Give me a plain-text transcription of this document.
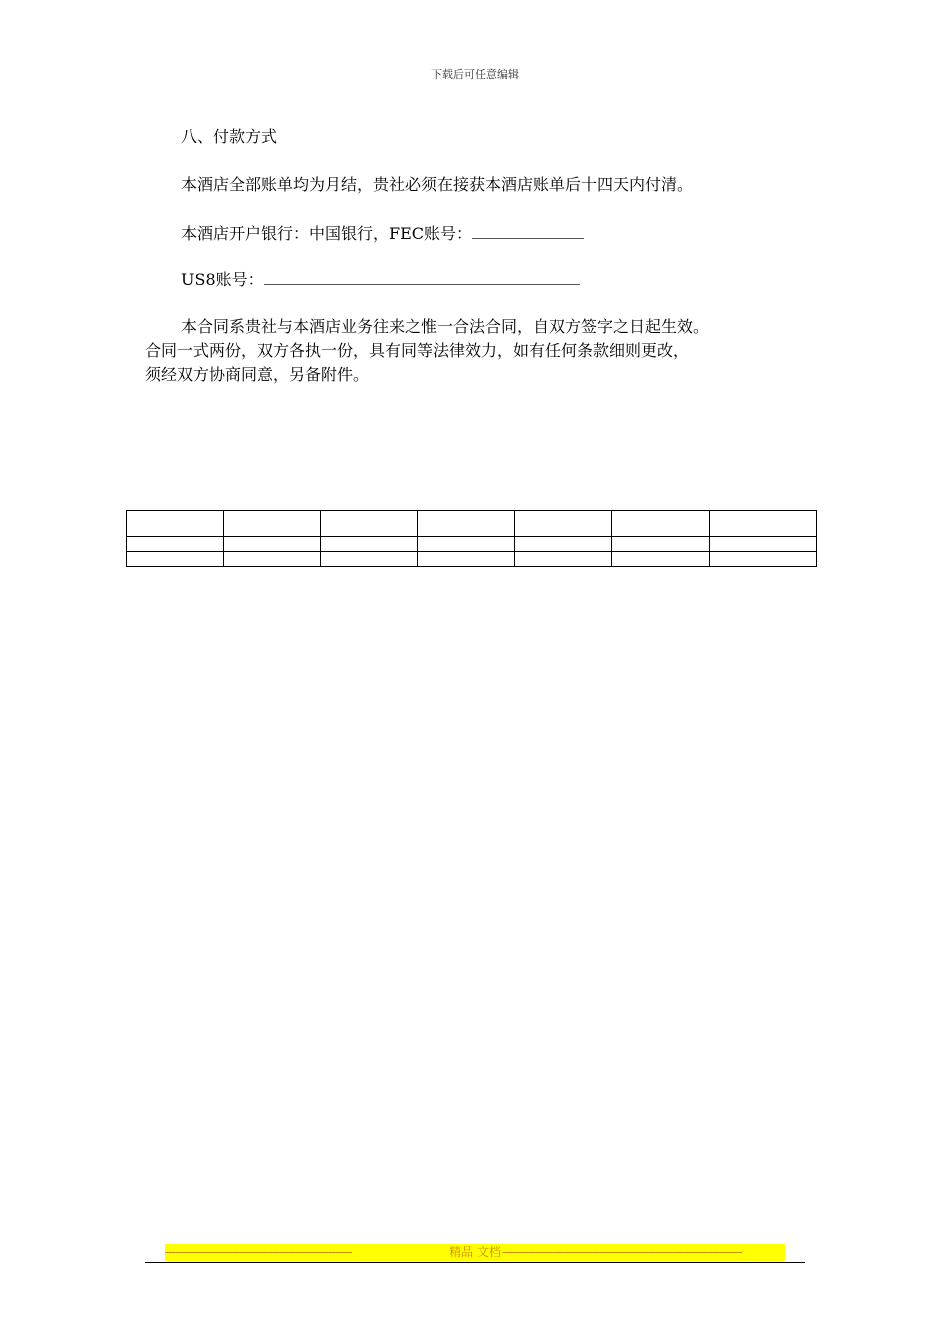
下载后可任意编辑
八、付款方式
本酒店全部账单均为月结，贵社必须在接获本酒店账单后十四天内付清。
本酒店开户银行：中国银行，FEC账号：
US8账号：
本合同系贵社与本酒店业务往来之惟一合法合同，自双方签字之日起生效。
合同一式两份，双方各执一份，具有同等法律效力，如有任何条款细则更改，
须经双方协商同意，另备附件。

--------------------------------------------------------	精品 文档 ------------------------------------------------------------------------
